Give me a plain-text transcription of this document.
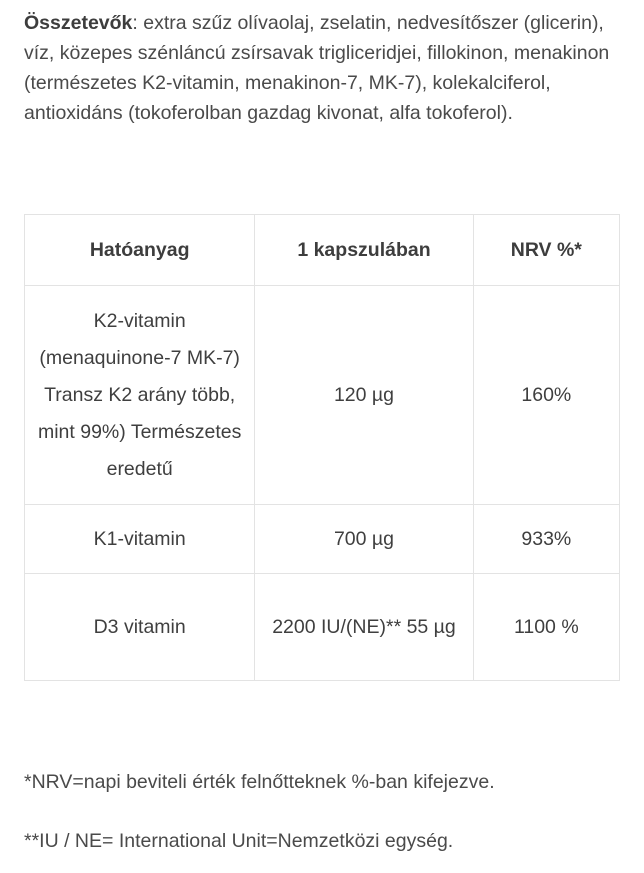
Összetevők: extra szűz olívaolaj, zselatin, nedvesítőszer (glicerin), víz, közepes szénláncú zsírsavak trigliceridjei, fillokinon, menakinon (természetes K2-vitamin, menakinon-7, MK-7), kolekalciferol, antioxidáns (tokoferolban gazdag kivonat, alfa tokoferol).

Hatóanyag	1 kapszulában	NRV %*
K2-vitamin (menaquinone-7 MK-7) Transz K2 arány több, mint 99%) Természetes eredetű	120 µg	160%
K1-vitamin	700 µg	933%
D3 vitamin	2200 IU/(NE)** 55 µg	1100 %

*NRV=napi beviteli érték felnőtteknek %-ban kifejezve.

**IU / NE= International Unit=Nemzetközi egység.
